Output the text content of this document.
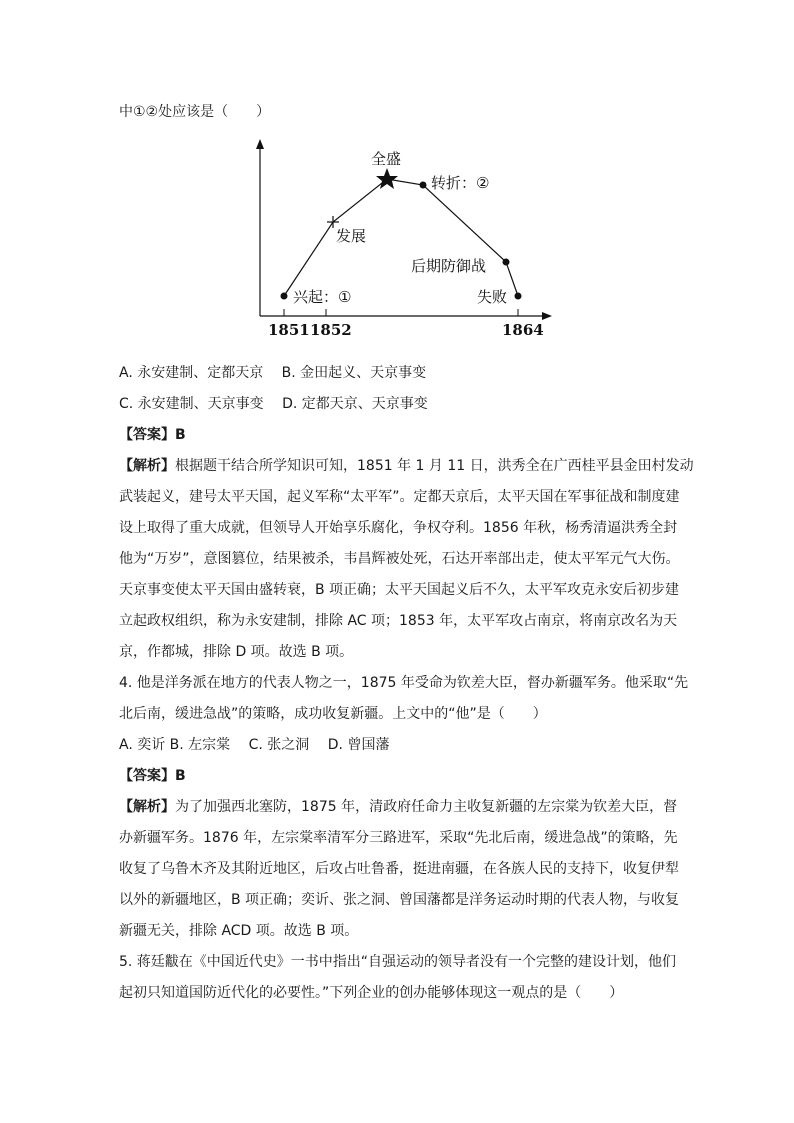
中①②处应该是（　　）
全盛
转折：②
发展
后期防御战
兴起：①	失败
1851 1852	1864
A. 永安建制、定都天京　 B. 金田起义、天京事变
C. 永安建制、天京事变　 D. 定都天京、天京事变
【答案】B
【解析】根据题干结合所学知识可知，1851 年 1 月 11 日，洪秀全在广西桂平县金田村发动
武装起义，建号太平天国，起义军称“太平军”。定都天京后，太平天国在军事征战和制度建
设上取得了重大成就，但领导人开始享乐腐化，争权夺利。1856 年秋，杨秀清逼洪秀全封
他为“万岁”，意图篡位，结果被杀，韦昌辉被处死，石达开率部出走，使太平军元气大伤。
天京事变使太平天国由盛转衰，B 项正确；太平天国起义后不久，太平军攻克永安后初步建
立起政权组织，称为永安建制，排除 AC 项；1853 年，太平军攻占南京，将南京改名为天
京，作都城，排除 D 项。故选 B 项。
4. 他是洋务派在地方的代表人物之一，1875 年受命为钦差大臣，督办新疆军务。他采取“先
北后南，缓进急战”的策略，成功收复新疆。上文中的“他”是（　　）
A. 奕䜣 B. 左宗棠　 C. 张之洞　 D. 曾国藩
【答案】B
【解析】为了加强西北塞防，1875 年，清政府任命力主收复新疆的左宗棠为钦差大臣，督
办新疆军务。1876 年，左宗棠率清军分三路进军，采取“先北后南，缓进急战”的策略，先
收复了乌鲁木齐及其附近地区，后攻占吐鲁番，挺进南疆，在各族人民的支持下，收复伊犁
以外的新疆地区，B 项正确；奕䜣、张之洞、曾国藩都是洋务运动时期的代表人物，与收复
新疆无关，排除 ACD 项。故选 B 项。
5. 蒋廷黻在《中国近代史》一书中指出“自强运动的领导者没有一个完整的建设计划，他们
起初只知道国防近代化的必要性。”下列企业的创办能够体现这一观点的是（　　）
